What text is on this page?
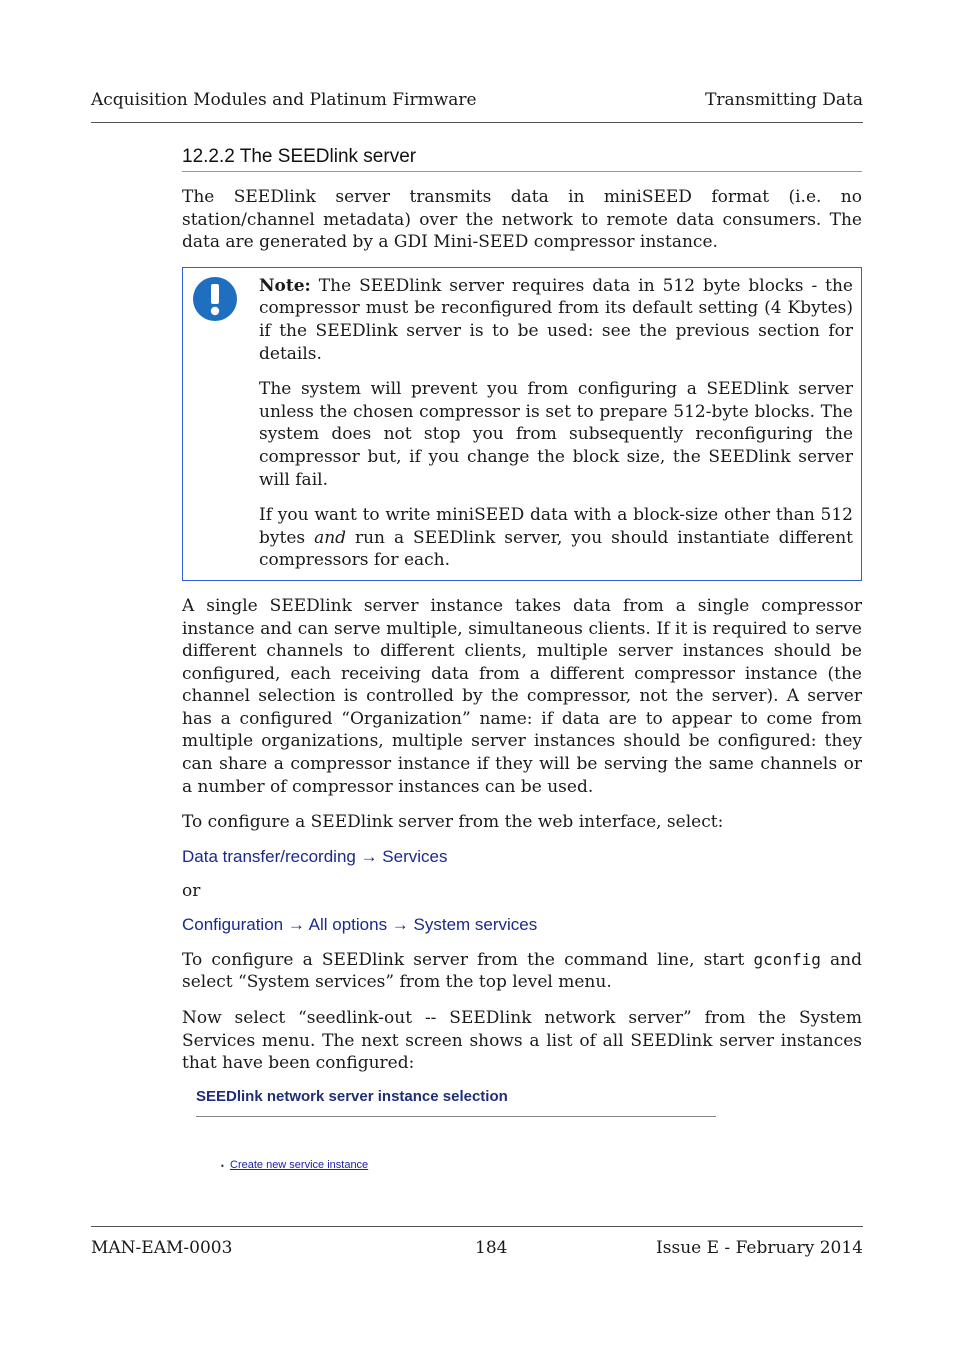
Acquisition Modules and Platinum Firmware	Transmitting Data
12.2.2 The SEEDlink server

The SEEDlink server transmits data in miniSEED format (i.e. no station/channel metadata) over the network to remote data consumers. The data are generated by a GDI Mini-SEED compressor instance.

Note: The SEEDlink server requires data in 512 byte blocks - the compressor must be reconfigured from its default setting (4 Kbytes) if the SEEDlink server is to be used: see the previous section for details.

The system will prevent you from configuring a SEEDlink server unless the chosen compressor is set to prepare 512-byte blocks. The system does not stop you from subsequently reconfiguring the compressor but, if you change the block size, the SEEDlink server will fail.

If you want to write miniSEED data with a block-size other than 512 bytes and run a SEEDlink server, you should instantiate different compressors for each.

A single SEEDlink server instance takes data from a single compressor instance and can serve multiple, simultaneous clients. If it is required to serve different channels to different clients, multiple server instances should be configured, each receiving data from a different compressor instance (the channel selection is controlled by the compressor, not the server). A server has a configured “Organization” name: if data are to appear to come from multiple organizations, multiple server instances should be configured: they can share a compressor instance if they will be serving the same channels or a number of compressor instances can be used.

To configure a SEEDlink server from the web interface, select:

Data transfer/recording → Services
or
Configuration → All options → System services

To configure a SEEDlink server from the command line, start gconfig and select “System services” from the top level menu.

Now select “seedlink-out -- SEEDlink network server” from the System Services menu. The next screen shows a list of all SEEDlink server instances that have been configured:

SEEDlink network server instance selection
• Create new service instance
MAN-EAM-0003	184	Issue E - February 2014
